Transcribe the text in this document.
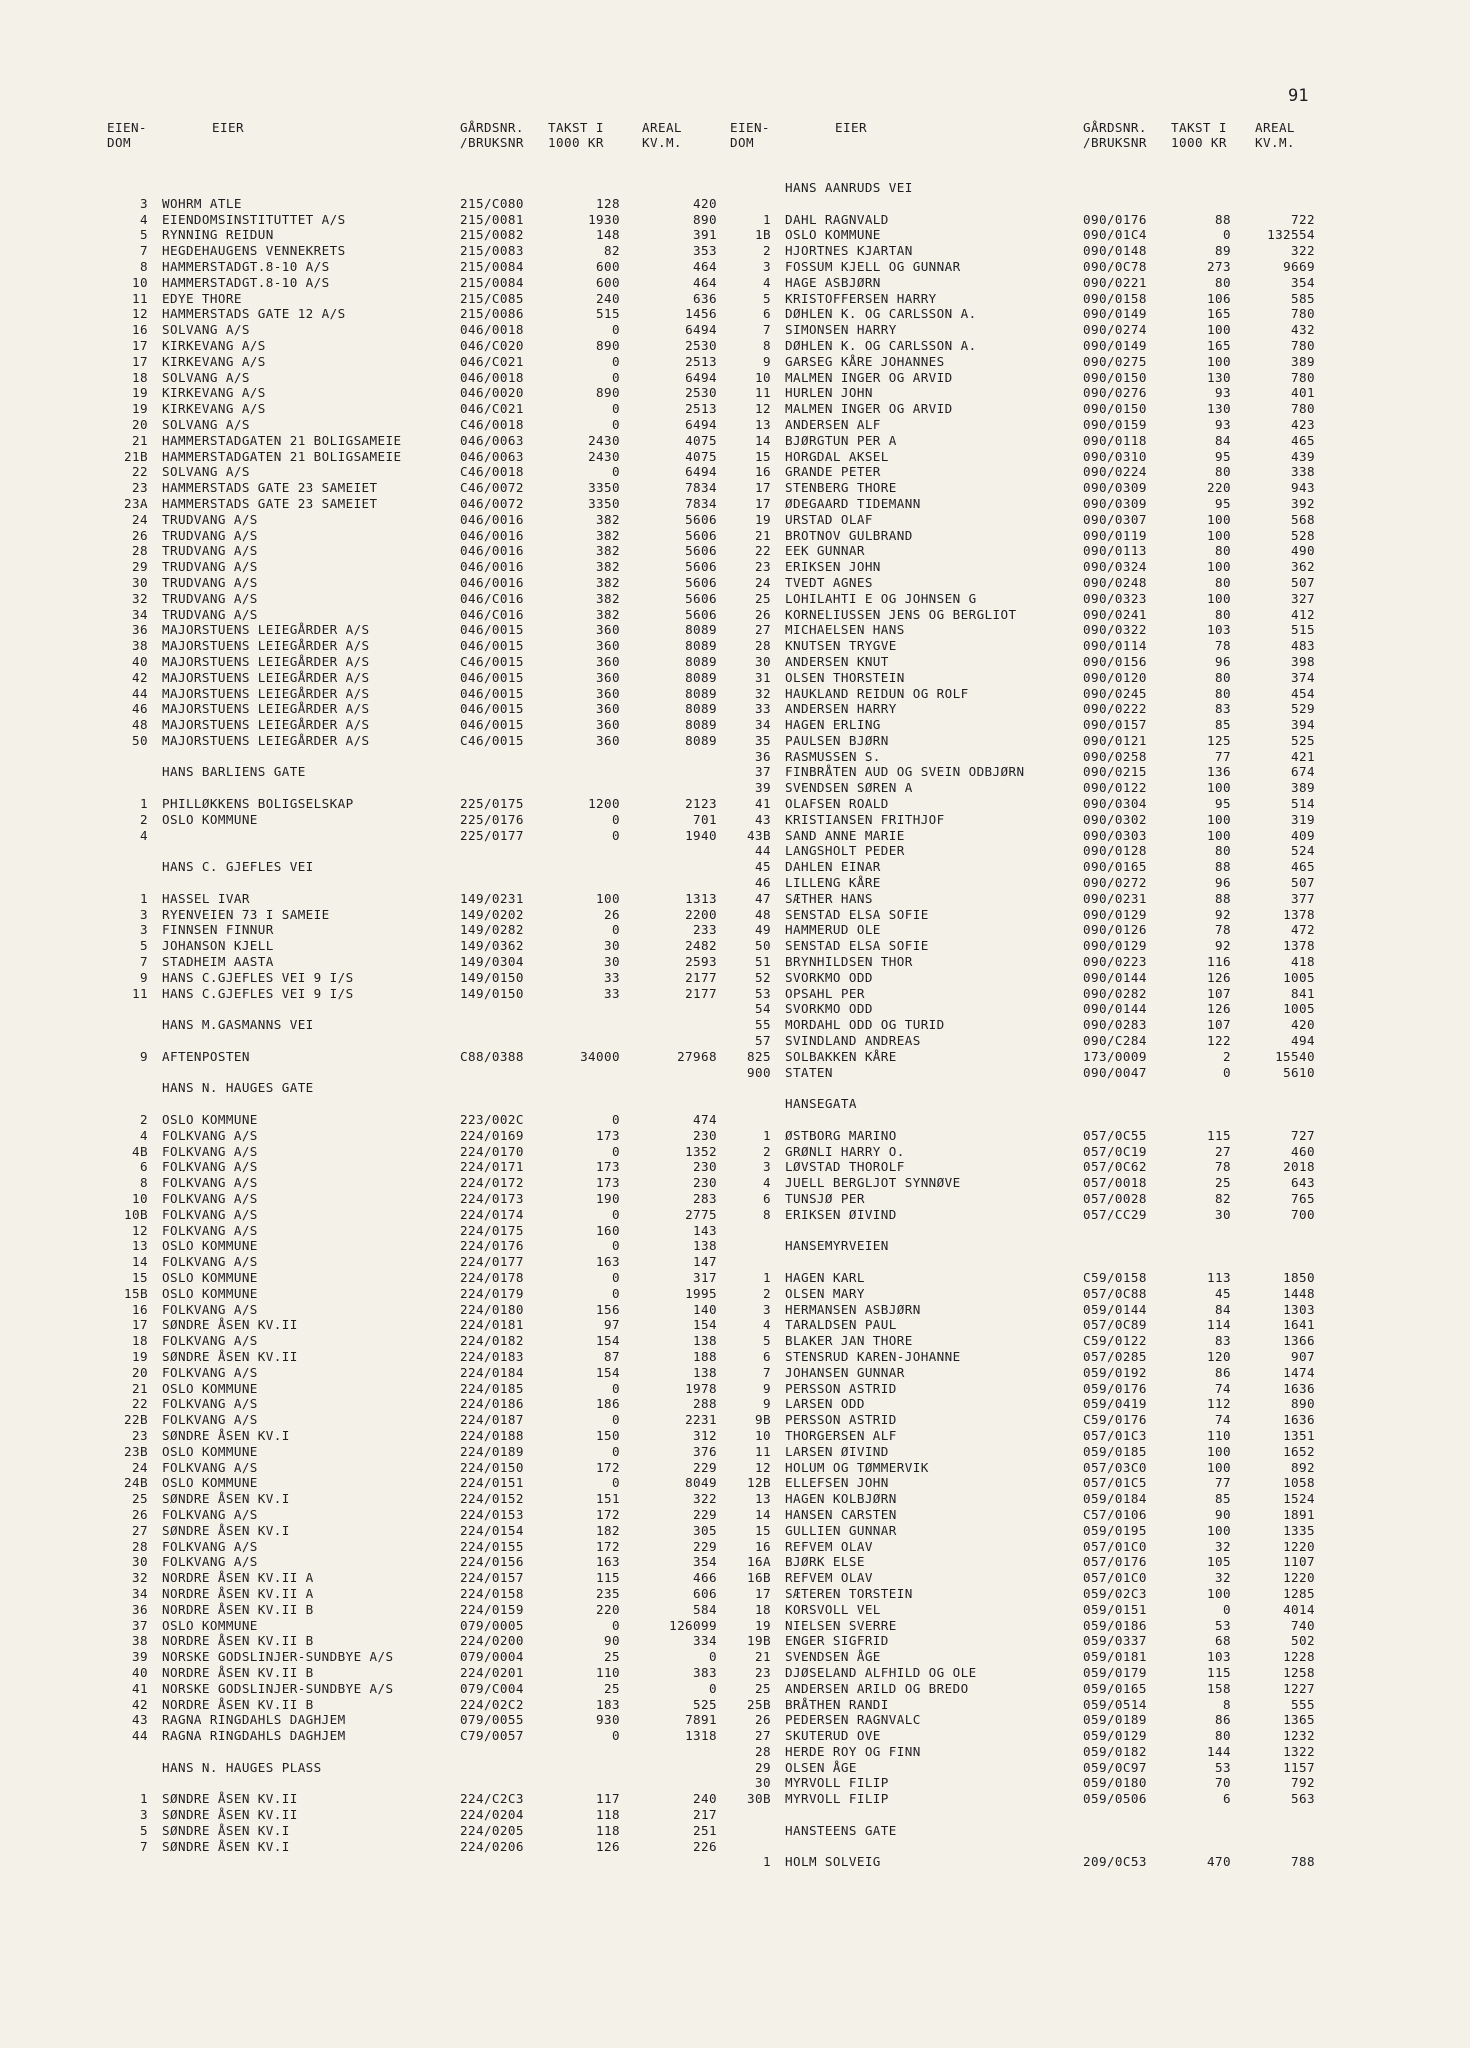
91
EIEN-
DOM
EIER	GÅRDSNR.
/BRUKSNR
TAKST I
1000 KR
AREAL
KV.M.
3 WOHRM ATLE	215/C080	128	420
4 EIENDOMSINSTITUTTET A/S	215/0081	1930	890
5 RYNNING REIDUN	215/0082	148	391
7 HEGDEHAUGENS VENNEKRETS	215/0083	82	353
8 HAMMERSTADGT.8-10 A/S	215/0084	600	464
10 HAMMERSTADGT.8-10 A/S	215/0084	600	464
11 EDYE THORE	215/C085	240	636
12 HAMMERSTADS GATE 12 A/S	215/0086	515	1456
16 SOLVANG A/S	046/0018	0	6494
17 KIRKEVANG A/S	046/C020	890	2530
17 KIRKEVANG A/S	046/C021	0	2513
18 SOLVANG A/S	046/0018	0	6494
19 KIRKEVANG A/S	046/0020	890	2530
19 KIRKEVANG A/S	046/C021	0	2513
20 SOLVANG A/S	C46/0018	0	6494
21 HAMMERSTADGATEN 21 BOLIGSAMEIE	046/0063	2430	4075
21B HAMMERSTADGATEN 21 BOLIGSAMEIE	046/0063	2430	4075
22 SOLVANG A/S	C46/0018	0	6494
23 HAMMERSTADS GATE 23 SAMEIET	C46/0072	3350	7834
23A HAMMERSTADS GATE 23 SAMEIET	046/0072	3350	7834
24 TRUDVANG A/S	046/0016	382	5606
26 TRUDVANG A/S	046/0016	382	5606
28 TRUDVANG A/S	046/0016	382	5606
29 TRUDVANG A/S	046/0016	382	5606
30 TRUDVANG A/S	046/0016	382	5606
32 TRUDVANG A/S	046/C016	382	5606
34 TRUDVANG A/S	046/C016	382	5606
36 MAJORSTUENS LEIEGÅRDER A/S	046/0015	360	8089
38 MAJORSTUENS LEIEGÅRDER A/S	046/0015	360	8089
40 MAJORSTUENS LEIEGÅRDER A/S	C46/0015	360	8089
42 MAJORSTUENS LEIEGÅRDER A/S	046/0015	360	8089
44 MAJORSTUENS LEIEGÅRDER A/S	046/0015	360	8089
46 MAJORSTUENS LEIEGÅRDER A/S	046/0015	360	8089
48 MAJORSTUENS LEIEGÅRDER A/S	046/0015	360	8089
50 MAJORSTUENS LEIEGÅRDER A/S	C46/0015	360	8089
HANS BARLIENS GATE
1 PHILLØKKENS BOLIGSELSKAP	225/0175	1200	2123
2 OSLO KOMMUNE	225/0176	0	701
4	225/0177	0	1940
HANS C. GJEFLES VEI
1 HASSEL IVAR	149/0231	100	1313
3 RYENVEIEN 73 I SAMEIE	149/0202	26	2200
3 FINNSEN FINNUR	149/0282	0	233
5 JOHANSON KJELL	149/0362	30	2482
7 STADHEIM AASTA	149/0304	30	2593
9 HANS C.GJEFLES VEI 9 I/S	149/0150	33	2177
11 HANS C.GJEFLES VEI 9 I/S	149/0150	33	2177
HANS M.GASMANNS VEI
9 AFTENPOSTEN	C88/0388	34000	27968
HANS N. HAUGES GATE
2 OSLO KOMMUNE	223/002C	0	474
4 FOLKVANG A/S	224/0169	173	230
4B FOLKVANG A/S	224/0170	0	1352
6 FOLKVANG A/S	224/0171	173	230
8 FOLKVANG A/S	224/0172	173	230
10 FOLKVANG A/S	224/0173	190	283
10B FOLKVANG A/S	224/0174	0	2775
12 FOLKVANG A/S	224/0175	160	143
13 OSLO KOMMUNE	224/0176	0	138
14 FOLKVANG A/S	224/0177	163	147
15 OSLO KOMMUNE	224/0178	0	317
15B OSLO KOMMUNE	224/0179	0	1995
16 FOLKVANG A/S	224/0180	156	140
17 SØNDRE ÅSEN KV.II	224/0181	97	154
18 FOLKVANG A/S	224/0182	154	138
19 SØNDRE ÅSEN KV.II	224/0183	87	188
20 FOLKVANG A/S	224/0184	154	138
21 OSLO KOMMUNE	224/0185	0	1978
22 FOLKVANG A/S	224/0186	186	288
22B FOLKVANG A/S	224/0187	0	2231
23 SØNDRE ÅSEN KV.I	224/0188	150	312
23B OSLO KOMMUNE	224/0189	0	376
24 FOLKVANG A/S	224/0150	172	229
24B OSLO KOMMUNE	224/0151	0	8049
25 SØNDRE ÅSEN KV.I	224/0152	151	322
26 FOLKVANG A/S	224/0153	172	229
27 SØNDRE ÅSEN KV.I	224/0154	182	305
28 FOLKVANG A/S	224/0155	172	229
30 FOLKVANG A/S	224/0156	163	354
32 NORDRE ÅSEN KV.II A	224/0157	115	466
34 NORDRE ÅSEN KV.II A	224/0158	235	606
36 NORDRE ÅSEN KV.II B	224/0159	220	584
37 OSLO KOMMUNE	079/0005	0	126099
38 NORDRE ÅSEN KV.II B	224/0200	90	334
39 NORSKE GODSLINJER-SUNDBYE A/S	079/0004	25	0
40 NORDRE ÅSEN KV.II B	224/0201	110	383
41 NORSKE GODSLINJER-SUNDBYE A/S	079/C004	25	0
42 NORDRE ÅSEN KV.II B	224/02C2	183	525
43 RAGNA RINGDAHLS DAGHJEM	079/0055	930	7891
44 RAGNA RINGDAHLS DAGHJEM	C79/0057	0	1318
HANS N. HAUGES PLASS
1 SØNDRE ÅSEN KV.II	224/C2C3	117	240
3 SØNDRE ÅSEN KV.II	224/0204	118	217
5 SØNDRE ÅSEN KV.I	224/0205	118	251
7 SØNDRE ÅSEN KV.I	224/0206	126	226
EIEN-
DOM
EIER	GÅRDSNR.
/BRUKSNR
TAKST I
1000 KR
AREAL
KV.M.
HANS AANRUDS VEI
1 DAHL RAGNVALD	090/0176	88	722
1B OSLO KOMMUNE	090/01C4	0	132554
2 HJORTNES KJARTAN	090/0148	89	322
3 FOSSUM KJELL OG GUNNAR	090/0C78	273	9669
4 HAGE ASBJØRN	090/0221	80	354
5 KRISTOFFERSEN HARRY	090/0158	106	585
6 DØHLEN K. OG CARLSSON A.	090/0149	165	780
7 SIMONSEN HARRY	090/0274	100	432
8 DØHLEN K. OG CARLSSON A.	090/0149	165	780
9 GARSEG KÅRE JOHANNES	090/0275	100	389
10 MALMEN INGER OG ARVID	090/0150	130	780
11 HURLEN JOHN	090/0276	93	401
12 MALMEN INGER OG ARVID	090/0150	130	780
13 ANDERSEN ALF	090/0159	93	423
14 BJØRGTUN PER A	090/0118	84	465
15 HORGDAL AKSEL	090/0310	95	439
16 GRANDE PETER	090/0224	80	338
17 STENBERG THORE	090/0309	220	943
17 ØDEGAARD TIDEMANN	090/0309	95	392
19 URSTAD OLAF	090/0307	100	568
21 BROTNOV GULBRAND	090/0119	100	528
22 EEK GUNNAR	090/0113	80	490
23 ERIKSEN JOHN	090/0324	100	362
24 TVEDT AGNES	090/0248	80	507
25 LOHILAHTI E OG JOHNSEN G	090/0323	100	327
26 KORNELIUSSEN JENS OG BERGLIOT	090/0241	80	412
27 MICHAELSEN HANS	090/0322	103	515
28 KNUTSEN TRYGVE	090/0114	78	483
30 ANDERSEN KNUT	090/0156	96	398
31 OLSEN THORSTEIN	090/0120	80	374
32 HAUKLAND REIDUN OG ROLF	090/0245	80	454
33 ANDERSEN HARRY	090/0222	83	529
34 HAGEN ERLING	090/0157	85	394
35 PAULSEN BJØRN	090/0121	125	525
36 RASMUSSEN S.	090/0258	77	421
37 FINBRÅTEN AUD OG SVEIN ODBJØRN	090/0215	136	674
39 SVENDSEN SØREN A	090/0122	100	389
41 OLAFSEN ROALD	090/0304	95	514
43 KRISTIANSEN FRITHJOF	090/0302	100	319
43B SAND ANNE MARIE	090/0303	100	409
44 LANGSHOLT PEDER	090/0128	80	524
45 DAHLEN EINAR	090/0165	88	465
46 LILLENG KÅRE	090/0272	96	507
47 SÆTHER HANS	090/0231	88	377
48 SENSTAD ELSA SOFIE	090/0129	92	1378
49 HAMMERUD OLE	090/0126	78	472
50 SENSTAD ELSA SOFIE	090/0129	92	1378
51 BRYNHILDSEN THOR	090/0223	116	418
52 SVORKMO ODD	090/0144	126	1005
53 OPSAHL PER	090/0282	107	841
54 SVORKMO ODD	090/0144	126	1005
55 MORDAHL ODD OG TURID	090/0283	107	420
57 SVINDLAND ANDREAS	090/C284	122	494
825 SOLBAKKEN KÅRE	173/0009	2	15540
900 STATEN	090/0047	0	5610
HANSEGATA
1 ØSTBORG MARINO	057/0C55	115	727
2 GRØNLI HARRY O.	057/0C19	27	460
3 LØVSTAD THOROLF	057/0C62	78	2018
4 JUELL BERGLJOT SYNNØVE	057/0018	25	643
6 TUNSJØ PER	057/0028	82	765
8 ERIKSEN ØIVIND	057/CC29	30	700
HANSEMYRVEIEN
1 HAGEN KARL	C59/0158	113	1850
2 OLSEN MARY	057/0C88	45	1448
3 HERMANSEN ASBJØRN	059/0144	84	1303
4 TARALDSEN PAUL	057/0C89	114	1641
5 BLAKER JAN THORE	C59/0122	83	1366
6 STENSRUD KAREN-JOHANNE	057/0285	120	907
7 JOHANSEN GUNNAR	059/0192	86	1474
9 PERSSON ASTRID	059/0176	74	1636
9 LARSEN ODD	059/0419	112	890
9B PERSSON ASTRID	C59/0176	74	1636
10 THORGERSEN ALF	057/01C3	110	1351
11 LARSEN ØIVIND	059/0185	100	1652
12 HOLUM OG TØMMERVIK	057/03C0	100	892
12B ELLEFSEN JOHN	057/01C5	77	1058
13 HAGEN KOLBJØRN	059/0184	85	1524
14 HANSEN CARSTEN	C57/0106	90	1891
15 GULLIEN GUNNAR	059/0195	100	1335
16 REFVEM OLAV	057/01C0	32	1220
16A BJØRK ELSE	057/0176	105	1107
16B REFVEM OLAV	057/01C0	32	1220
17 SÆTEREN TORSTEIN	059/02C3	100	1285
18 KORSVOLL VEL	059/0151	0	4014
19 NIELSEN SVERRE	059/0186	53	740
19B ENGER SIGFRID	059/0337	68	502
21 SVENDSEN ÅGE	059/0181	103	1228
23 DJØSELAND ALFHILD OG OLE	059/0179	115	1258
25 ANDERSEN ARILD OG BREDO	059/0165	158	1227
25B BRÅTHEN RANDI	059/0514	8	555
26 PEDERSEN RAGNVALC	059/0189	86	1365
27 SKUTERUD OVE	059/0129	80	1232
28 HERDE ROY OG FINN	059/0182	144	1322
29 OLSEN ÅGE	059/0C97	53	1157
30 MYRVOLL FILIP	059/0180	70	792
30B MYRVOLL FILIP	059/0506	6	563
HANSTEENS GATE
1 HOLM SOLVEIG	209/0C53	470	788
